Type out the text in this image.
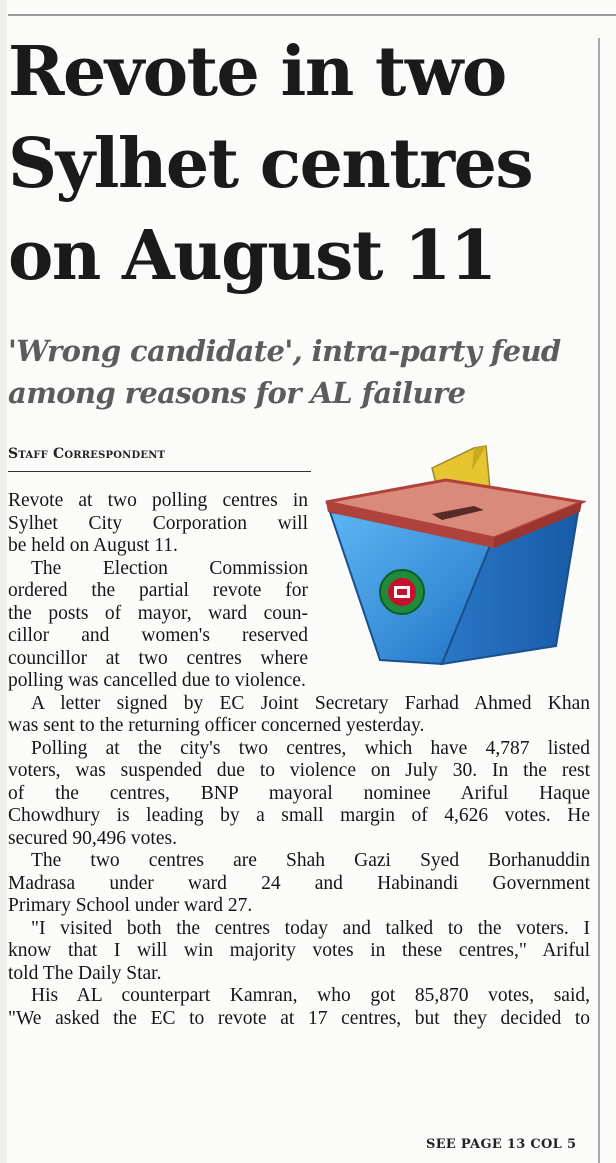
Revote in two
Sylhet centres
on August 11
'Wrong candidate', intra-party feud
among reasons for AL failure
Staff Correspondent
Revote at two polling centres in
Sylhet City Corporation will
be held on August 11.
The Election Commission
ordered the partial revote for
the posts of mayor, ward coun-
cillor and women's reserved
councillor at two centres where
polling was cancelled due to violence.
A letter signed by EC Joint Secretary Farhad Ahmed Khan
was sent to the returning officer concerned yesterday.
Polling at the city's two centres, which have 4,787 listed
voters, was suspended due to violence on July 30. In the rest
of the centres, BNP mayoral nominee Ariful Haque
Chowdhury is leading by a small margin of 4,626 votes. He
secured 90,496 votes.
The two centres are Shah Gazi Syed Borhanuddin
Madrasa under ward 24 and Habinandi Government
Primary School under ward 27.
"I visited both the centres today and talked to the voters. I
know that I will win majority votes in these centres," Ariful
told The Daily Star.
His AL counterpart Kamran, who got 85,870 votes, said,
"We asked the EC to revote at 17 centres, but they decided to
SEE PAGE 13 COL 5
